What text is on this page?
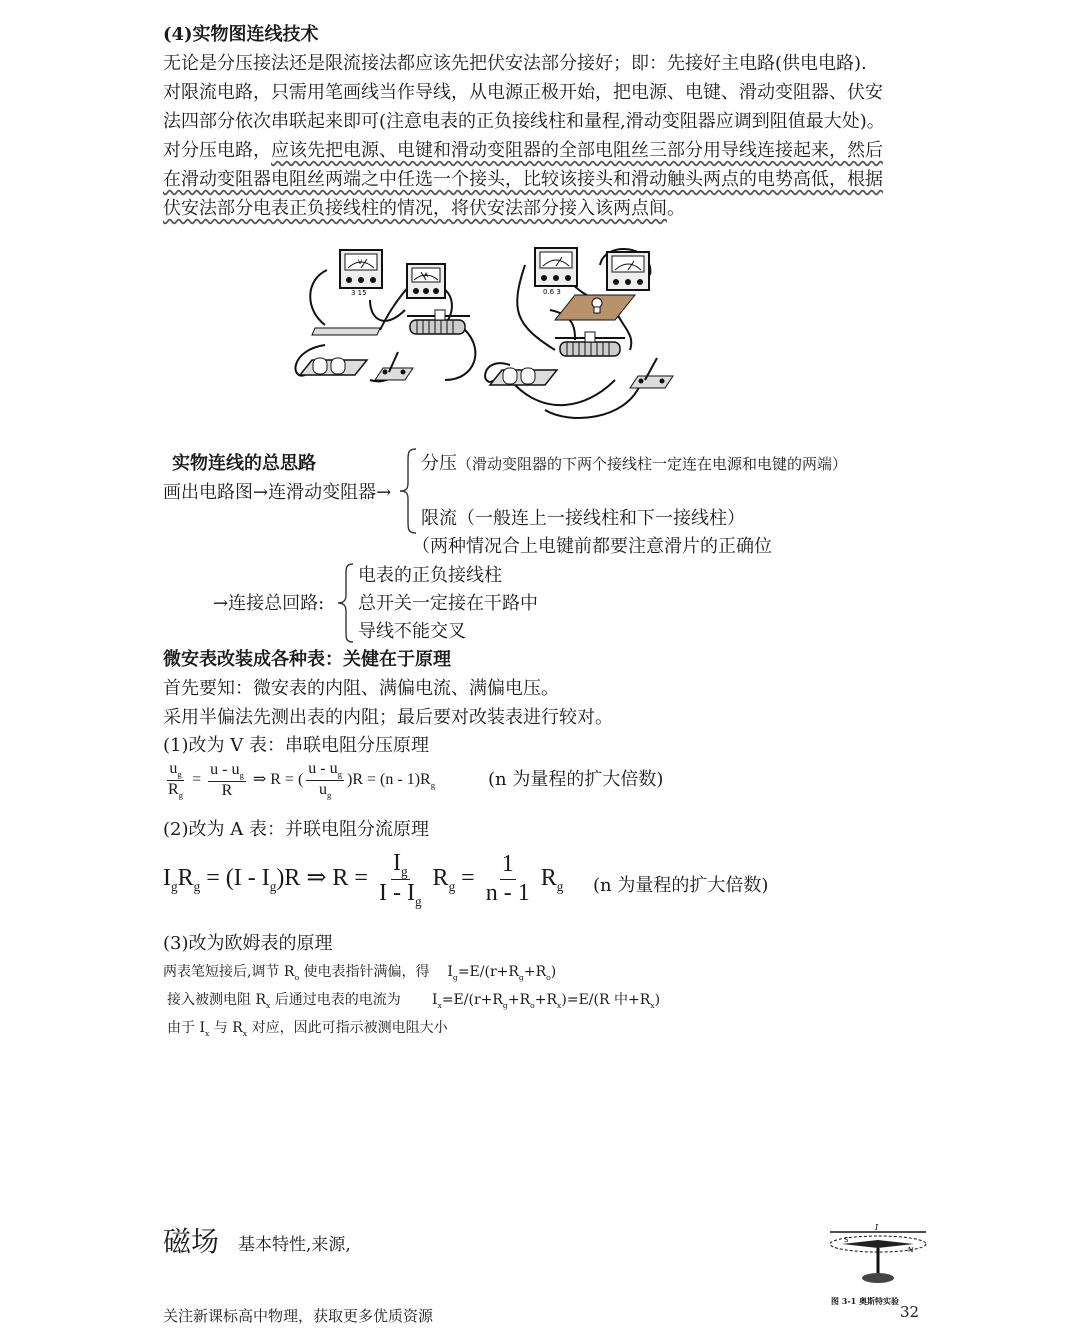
(4)实物图连线技术
无论是分压接法还是限流接法都应该先把伏安法部分接好；即：先接好主电路(供电电路).
对限流电路，只需用笔画线当作导线，从电源正极开始，把电源、电键、滑动变阻器、伏安
法四部分依次串联起来即可(注意电表的正负接线柱和量程,滑动变阻器应调到阻值最大处)。
对分压电路，应该先把电源、电键和滑动变阻器的全部电阻丝三部分用导线连接起来，然后
在滑动变阻器电阻丝两端之中任选一个接头，比较该接头和滑动触头两点的电势高低，根据
伏安法部分电表正负接线柱的情况，将伏安法部分接入该两点间。
3 15
V
A
0.6 3
实物连线的总思路
画出电路图→连滑动变阻器→
分压（滑动变阻器的下两个接线柱一定连在电源和电键的两端）
限流（一般连上一接线柱和下一接线柱）
（两种情况合上电键前都要注意滑片的正确位
→连接总回路:
电表的正负接线柱
总开关一定接在干路中
导线不能交叉
微安表改装成各种表：关健在于原理
首先要知：微安表的内阻、满偏电流、满偏电压。
采用半偏法先测出表的内阻；最后要对改装表进行较对。
(1)改为 V 表：串联电阻分压原理
$\frac{u_g}{R_g} = \frac{u - u_g}{R}$ ⇒ R = ( $\frac{u - u_g}{u_g} )R = (n - 1)R_g$	(n 为量程的扩大倍数)
(2)改为 A 表：并联电阻分流原理
$I_gR_g = (I - I_g)R$ ⇒ $R = \frac{I_g}{I - I_g} R_g = \frac{1}{n - 1} R_g$ (n 为量程的扩大倍数)
(3)改为欧姆表的原理
两表笔短接后,调节 $R_o$ 使电表指针满偏，得    $I_g=E/(r+R_g+R_o)$
接入被测电阻 $R_x$ 后通过电表的电流为       $I_x=E/(r+R_g+R_o+R_x)=E/(R$ 中$+R_x$)
由于 $I_x$ 与 $R_x$ 对应，因此可指示被测电阻大小
磁场 基本特性,来源,
I
S
N
图 3-1 奥斯特实验
关注新课标高中物理，获取更多优质资源	32
